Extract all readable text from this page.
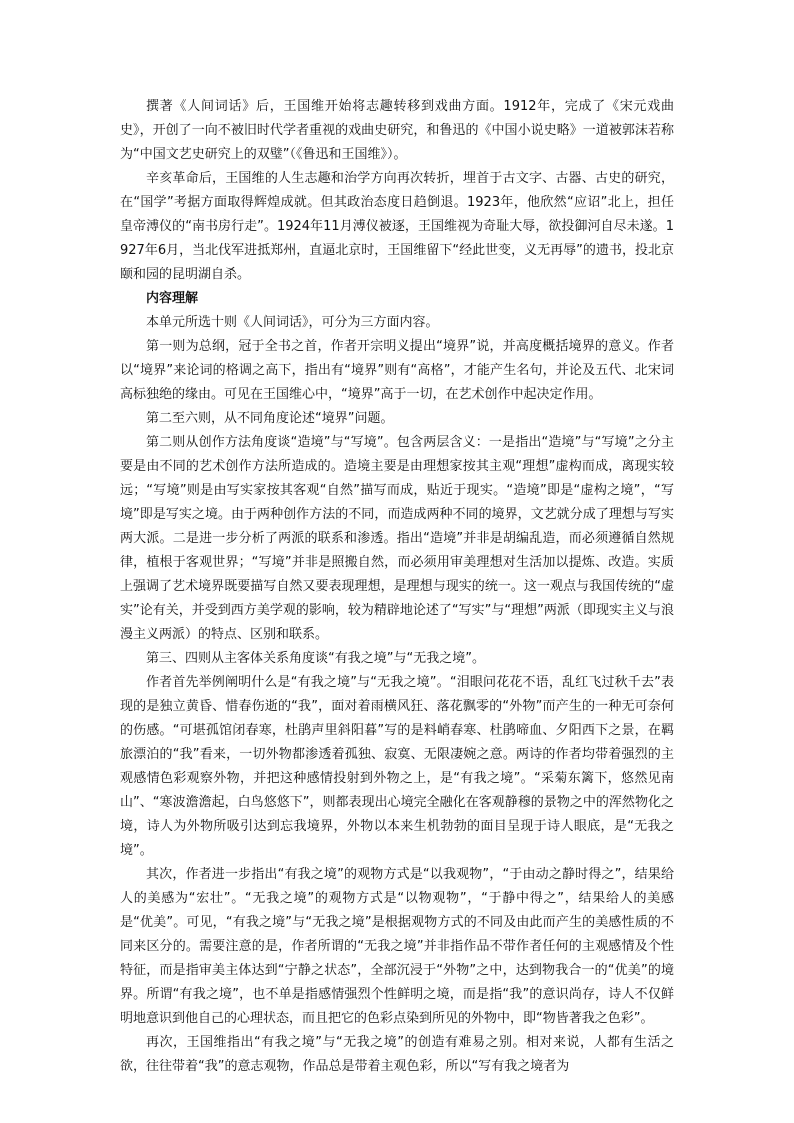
撰著《人间词话》后，王国维开始将志趣转移到戏曲方面。1912年，完成了《宋元戏曲史》，开创了一向不被旧时代学者重视的戏曲史研究，和鲁迅的《中国小说史略》一道被郭沫若称为“中国文艺史研究上的双璧”（《鲁迅和王国维》）。

辛亥革命后，王国维的人生志趣和治学方向再次转折，埋首于古文字、古器、古史的研究，在“国学”考据方面取得辉煌成就。但其政治态度日趋倒退。1923年，他欣然“应诏”北上，担任皇帝溥仪的“南书房行走”。1924年11月溥仪被逐，王国维视为奇耻大辱，欲投御河自尽未遂。1927年6月，当北伐军进抵郑州，直逼北京时，王国维留下“经此世变，义无再辱”的遗书，投北京颐和园的昆明湖自杀。

内容理解

本单元所选十则《人间词话》，可分为三方面内容。

第一则为总纲，冠于全书之首，作者开宗明义提出“境界”说，并高度概括境界的意义。作者以“境界”来论词的格调之高下，指出有“境界”则有“高格”，才能产生名句，并论及五代、北宋词高标独绝的缘由。可见在王国维心中，“境界”高于一切，在艺术创作中起决定作用。

第二至六则，从不同角度论述“境界”问题。

第二则从创作方法角度谈“造境”与“写境”。包含两层含义：一是指出“造境”与“写境”之分主要是由不同的艺术创作方法所造成的。造境主要是由理想家按其主观“理想”虚构而成，离现实较远；“写境”则是由写实家按其客观“自然”描写而成，贴近于现实。“造境”即是“虚构之境”，“写境”即是写实之境。由于两种创作方法的不同，而造成两种不同的境界，文艺就分成了理想与写实两大派。二是进一步分析了两派的联系和渗透。指出“造境”并非是胡编乱造，而必须遵循自然规律，植根于客观世界；“写境”并非是照搬自然，而必须用审美理想对生活加以提炼、改造。实质上强调了艺术境界既要描写自然又要表现理想，是理想与现实的统一。这一观点与我国传统的“虚实”论有关，并受到西方美学观的影响，较为精辟地论述了“写实”与“理想”两派（即现实主义与浪漫主义两派）的特点、区别和联系。

第三、四则从主客体关系角度谈“有我之境”与“无我之境”。

作者首先举例阐明什么是“有我之境”与“无我之境”。“泪眼问花花不语，乱红飞过秋千去”表现的是独立黄昏、惜春伤逝的“我”，面对着雨横风狂、落花飘零的“外物”而产生的一种无可奈何的伤感。“可堪孤馆闭春寒，杜鹃声里斜阳暮”写的是料峭春寒、杜鹃啼血、夕阳西下之景，在羁旅漂泊的“我”看来，一切外物都渗透着孤独、寂寞、无限凄婉之意。两诗的作者均带着强烈的主观感情色彩观察外物，并把这种感情投射到外物之上，是“有我之境”。“采菊东篱下，悠然见南山”、“寒波澹澹起，白鸟悠悠下”，则都表现出心境完全融化在客观静穆的景物之中的浑然物化之境，诗人为外物所吸引达到忘我境界，外物以本来生机勃勃的面目呈现于诗人眼底，是“无我之境”。

其次，作者进一步指出“有我之境”的观物方式是“以我观物”，“于由动之静时得之”，结果给人的美感为“宏壮”。“无我之境”的观物方式是“以物观物”，“于静中得之”，结果给人的美感是“优美”。可见，“有我之境”与“无我之境”是根据观物方式的不同及由此而产生的美感性质的不同来区分的。需要注意的是，作者所谓的“无我之境”并非指作品不带作者任何的主观感情及个性特征，而是指审美主体达到“宁静之状态”，全部沉浸于“外物”之中，达到物我合一的“优美”的境界。所谓“有我之境”，也不单是指感情强烈个性鲜明之境，而是指“我”的意识尚存，诗人不仅鲜明地意识到他自己的心理状态，而且把它的色彩点染到所见的外物中，即“物皆著我之色彩”。

再次，王国维指出“有我之境”与“无我之境”的创造有难易之别。相对来说，人都有生活之欲，往往带着“我”的意志观物，作品总是带着主观色彩，所以“写有我之境者为
